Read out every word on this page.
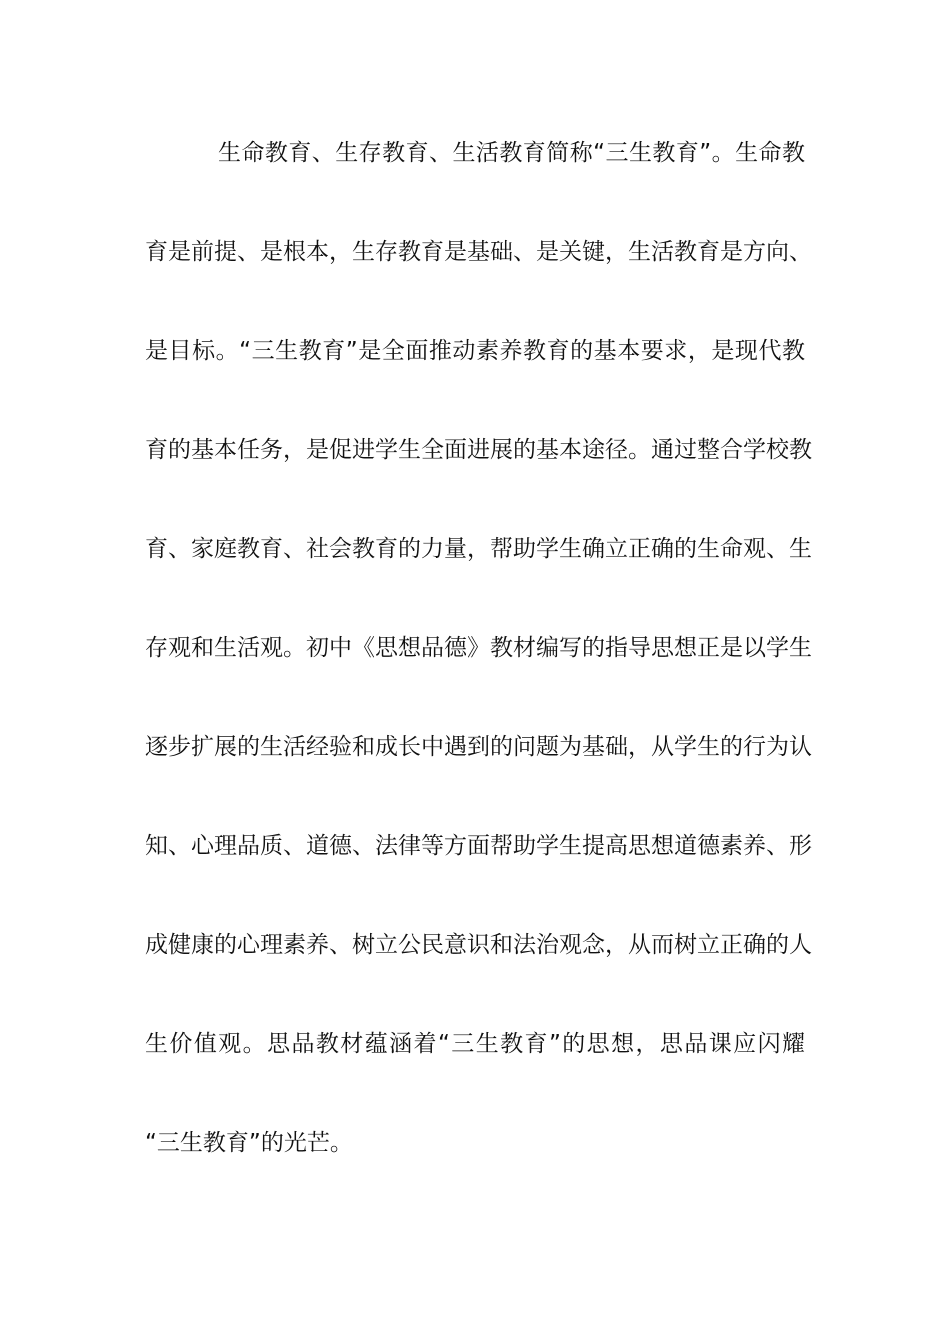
生命教育、生存教育、生活教育简称“三生教育”。生命教
育是前提、是根本，生存教育是基础、是关键，生活教育是方向、
是目标。“三生教育”是全面推动素养教育的基本要求，是现代教
育的基本任务，是促进学生全面进展的基本途径。通过整合学校教
育、家庭教育、社会教育的力量，帮助学生确立正确的生命观、生
存观和生活观。初中《思想品德》教材编写的指导思想正是以学生
逐步扩展的生活经验和成长中遇到的问题为基础，从学生的行为认
知、心理品质、道德、法律等方面帮助学生提高思想道德素养、形
成健康的心理素养、树立公民意识和法治观念，从而树立正确的人
生价值观。思品教材蕴涵着“三生教育”的思想，思品课应闪耀
“三生教育”的光芒。
